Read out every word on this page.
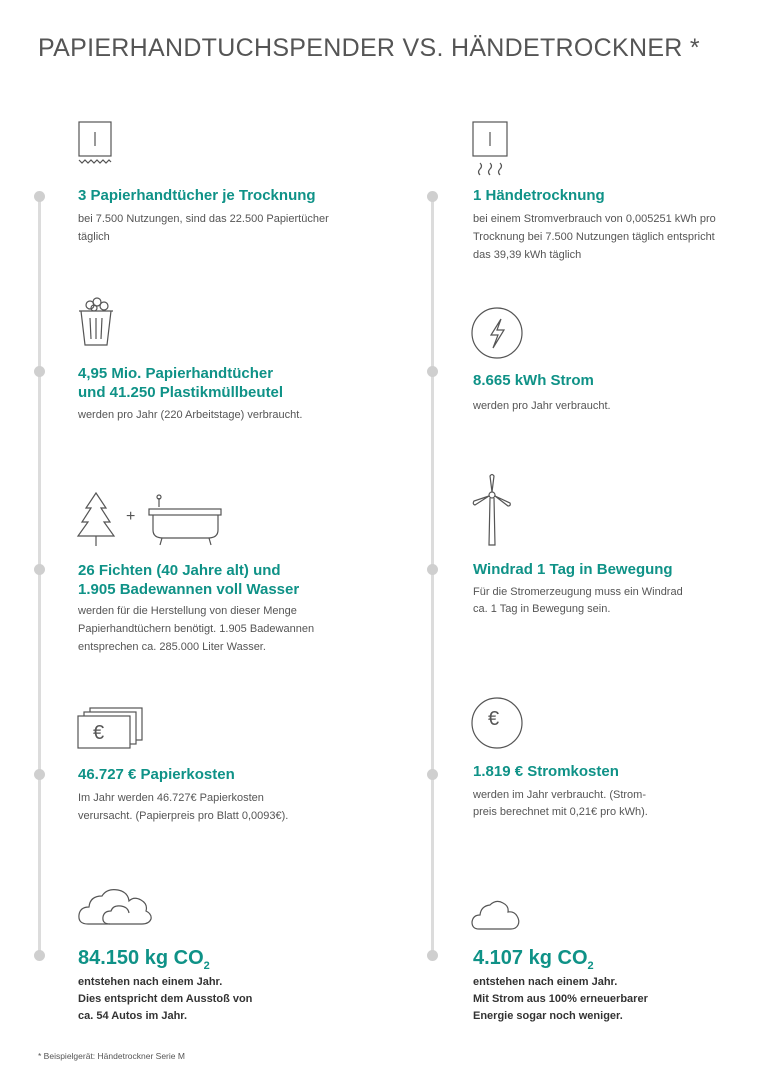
PAPIERHANDTUCHSPENDER VS. HÄNDETROCKNER *

3 Papierhandtücher je Trocknung

bei 7.500 Nutzungen, sind das 22.500 Papiertücher täglich

4,95 Mio. Papierhandtücher

und 41.250 Plastikmüllbeutel

werden pro Jahr (220 Arbeitstage) verbraucht.

+

26 Fichten (40 Jahre alt) und

1.905 Badewannen voll Wasser

werden für die Herstellung von dieser Menge Papierhandtüchern benötigt. 1.905 Badewannen entsprechen ca. 285.000 Liter Wasser.

€

46.727 € Papierkosten

Im Jahr werden 46.727€ Papierkosten verursacht. (Papierpreis pro Blatt 0,0093€).

84.150 kg $CO_2$

entstehen nach einem Jahr.

Dies entspricht dem Ausstoß von

ca. 54 Autos im Jahr.

1 Händetrocknung

bei einem Stromverbrauch von 0,005251 kWh pro Trocknung bei 7.500 Nutzungen täglich entspricht das 39,39 kWh täglich

8.665 kWh Strom

werden pro Jahr verbraucht.

Windrad 1 Tag in Bewegung

Für die Stromerzeugung muss ein Windrad

ca. 1 Tag in Bewegung sein.

€

1.819 € Stromkosten

werden im Jahr verbraucht. (Strom-

preis berechnet mit 0,21€ pro kWh).

4.107 kg $CO_2$

entstehen nach einem Jahr.

Mit Strom aus 100% erneuerbarer

Energie sogar noch weniger.

* Beispielgerät: Händetrockner Serie M
